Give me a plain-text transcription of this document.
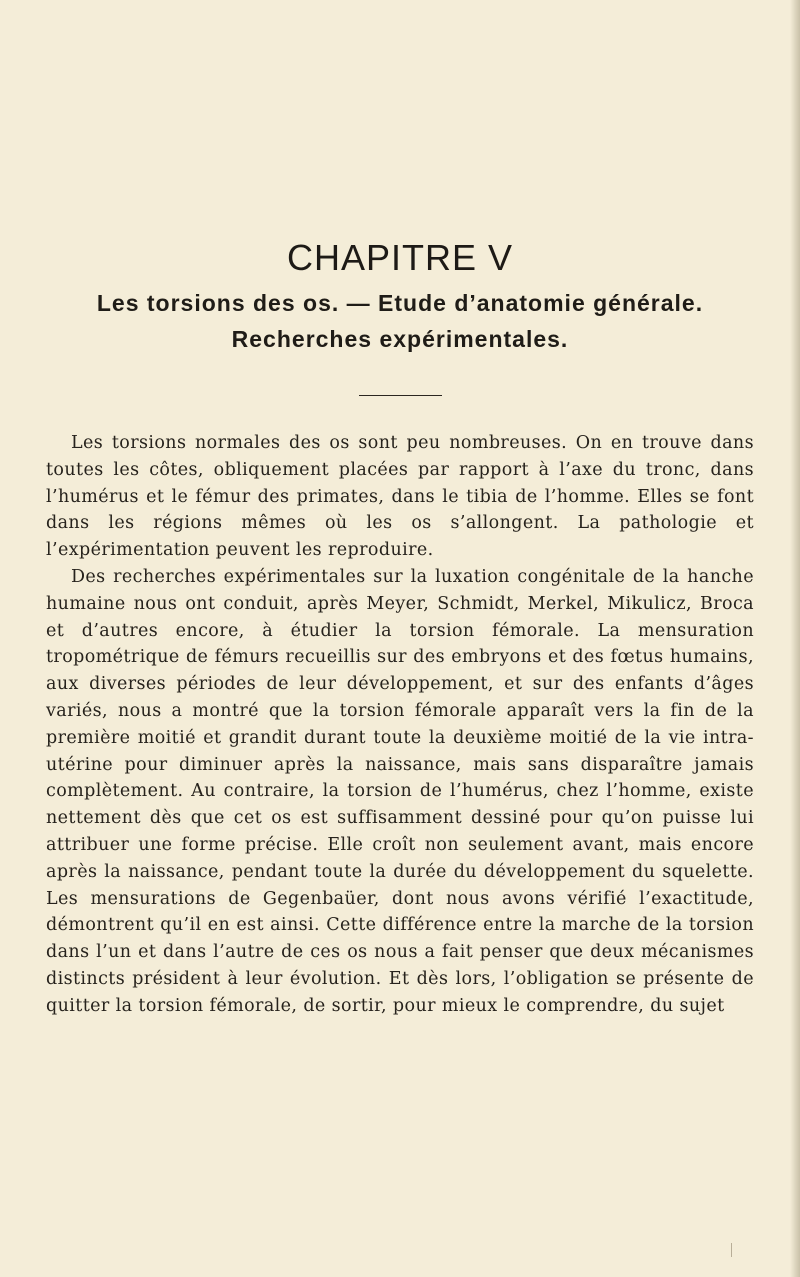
CHAPITRE V
Les torsions des os. — Etude d’anatomie générale.
Recherches expérimentales.

Les torsions normales des os sont peu nombreuses. On en trouve dans toutes les côtes, obliquement placées par rapport à l’axe du tronc, dans l’humérus et le fémur des primates, dans le tibia de l’homme. Elles se font dans les régions mêmes où les os s’allongent. La pathologie et l’expérimentation peuvent les reproduire.

Des recherches expérimentales sur la luxation congénitale de la hanche humaine nous ont conduit, après Meyer, Schmidt, Merkel, Mikulicz, Broca et d’autres encore, à étudier la torsion fémorale. La mensuration tropométrique de fémurs recueillis sur des embryons et des fœtus humains, aux diverses périodes de leur développement, et sur des enfants d’âges variés, nous a montré que la torsion fémorale apparaît vers la fin de la première moitié et grandit durant toute la deuxième moitié de la vie intra-utérine pour diminuer après la naissance, mais sans disparaître jamais complètement. Au contraire, la torsion de l’humérus, chez l’homme, existe nettement dès que cet os est suffisamment dessiné pour qu’on puisse lui attribuer une forme précise. Elle croît non seulement avant, mais encore après la naissance, pendant toute la durée du développement du squelette. Les mensurations de Gegenbaüer, dont nous avons vérifié l’exactitude, démontrent qu’il en est ainsi. Cette différence entre la marche de la torsion dans l’un et dans l’autre de ces os nous a fait penser que deux mécanismes distincts président à leur évolution. Et dès lors, l’obligation se présente de quitter la torsion fémorale, de sortir, pour mieux le comprendre, du sujet
